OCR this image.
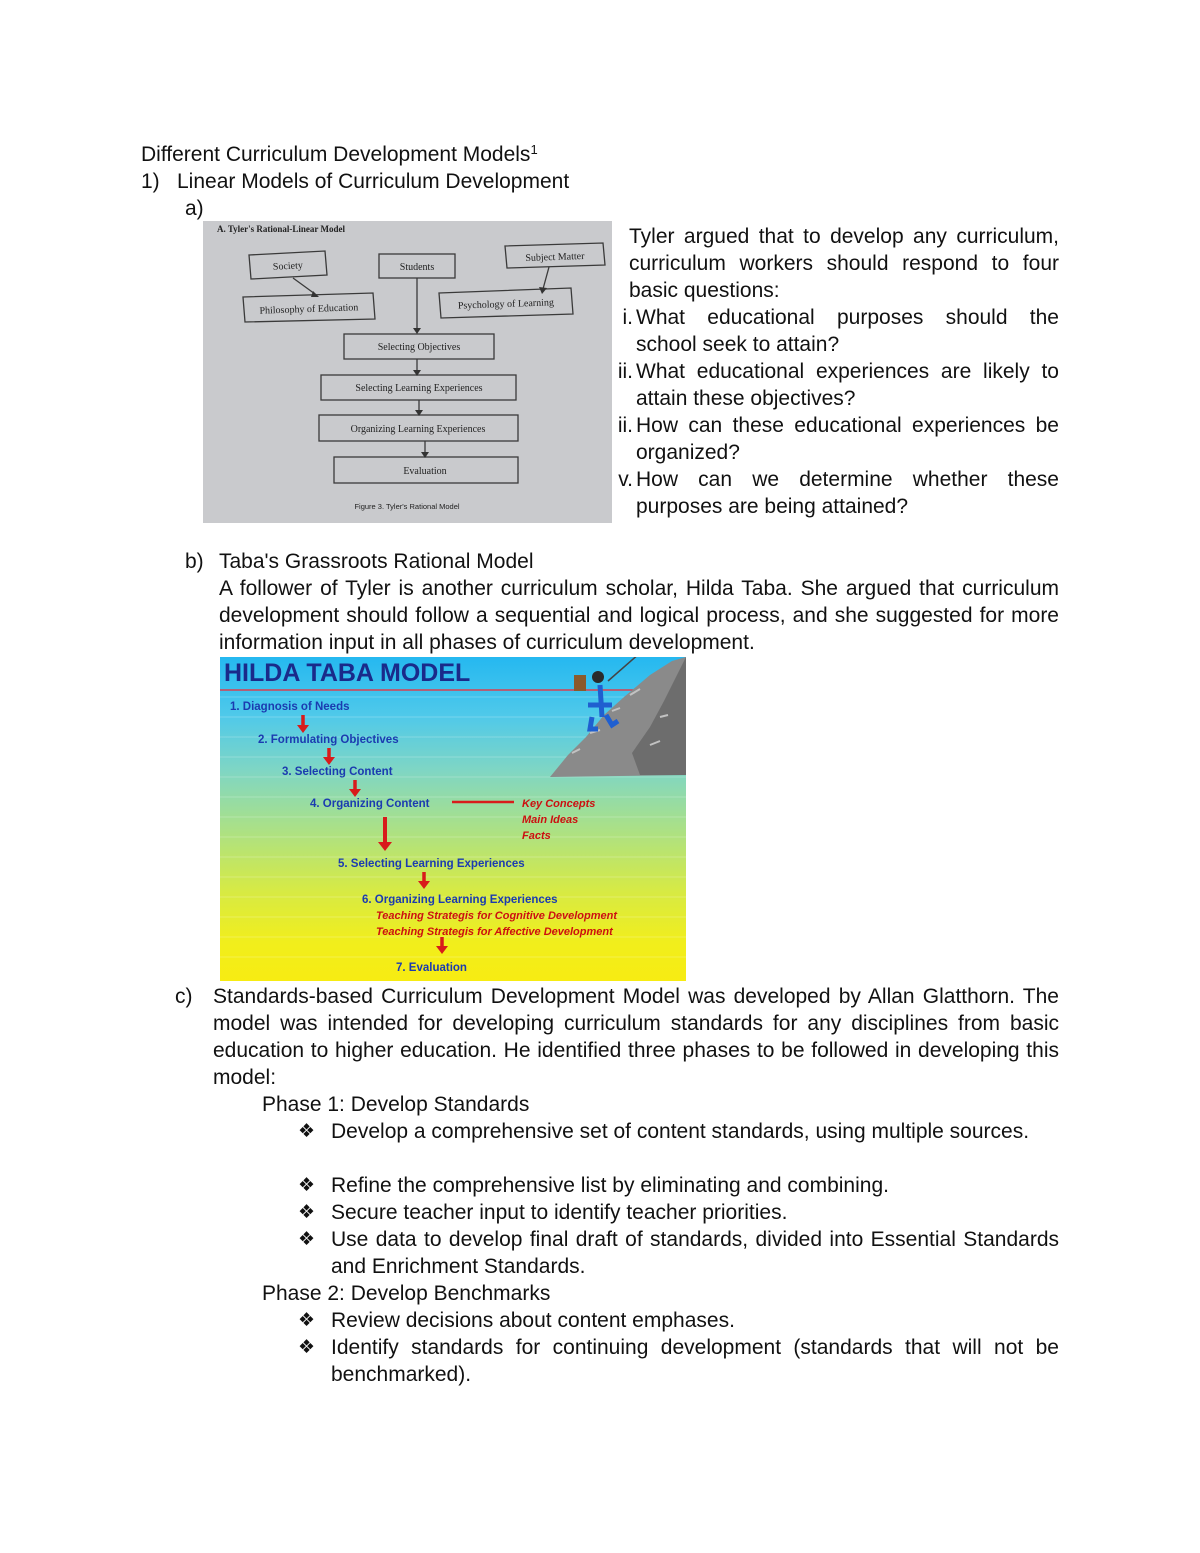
Different Curriculum Development Models$^1$
1) Linear Models of Curriculum Development
a)
A. Tyler's Rational-Linear Model
Society	Students
Subject Matter
Philosophy of Education	Psychology of Learning
Selecting Objectives
Selecting Learning Experiences
Organizing Learning Experiences
Evaluation
Figure 3. Tyler's Rational Model
Tyler argued that to develop any curriculum, curriculum workers should respond to four basic questions:
i. What educational purposes should the school seek to attain?
ii. What educational experiences are likely to attain these objectives?
ii. How can these educational experiences be organized?
v. How can we determine whether these purposes are being attained?
b) Taba's Grassroots Rational Model
A follower of Tyler is another curriculum scholar, Hilda Taba. She argued that curriculum development should follow a sequential and logical process, and she suggested for more information input in all phases of curriculum development.
HILDA TABA MODEL
1. Diagnosis of Needs
2. Formulating Objectives
3. Selecting Content
4. Organizing Content
5. Selecting Learning Experiences
6. Organizing Learning Experiences
7. Evaluation
Key Concepts
Main Ideas
Facts
Teaching Strategis for Cognitive Development
Teaching Strategis for Affective Development
c) Standards-based Curriculum Development Model was developed by Allan Glatthorn. The model was intended for developing curriculum standards for any disciplines from basic education to higher education. He identified three phases to be followed in developing this model:
Phase 1: Develop Standards
❖ Develop a comprehensive set of content standards, using multiple sources.
❖ Refine the comprehensive list by eliminating and combining.
❖ Secure teacher input to identify teacher priorities.
❖ Use data to develop final draft of standards, divided into Essential Standards and Enrichment Standards.
Phase 2: Develop Benchmarks
❖ Review decisions about content emphases.
❖ Identify standards for continuing development (standards that will not be benchmarked).
